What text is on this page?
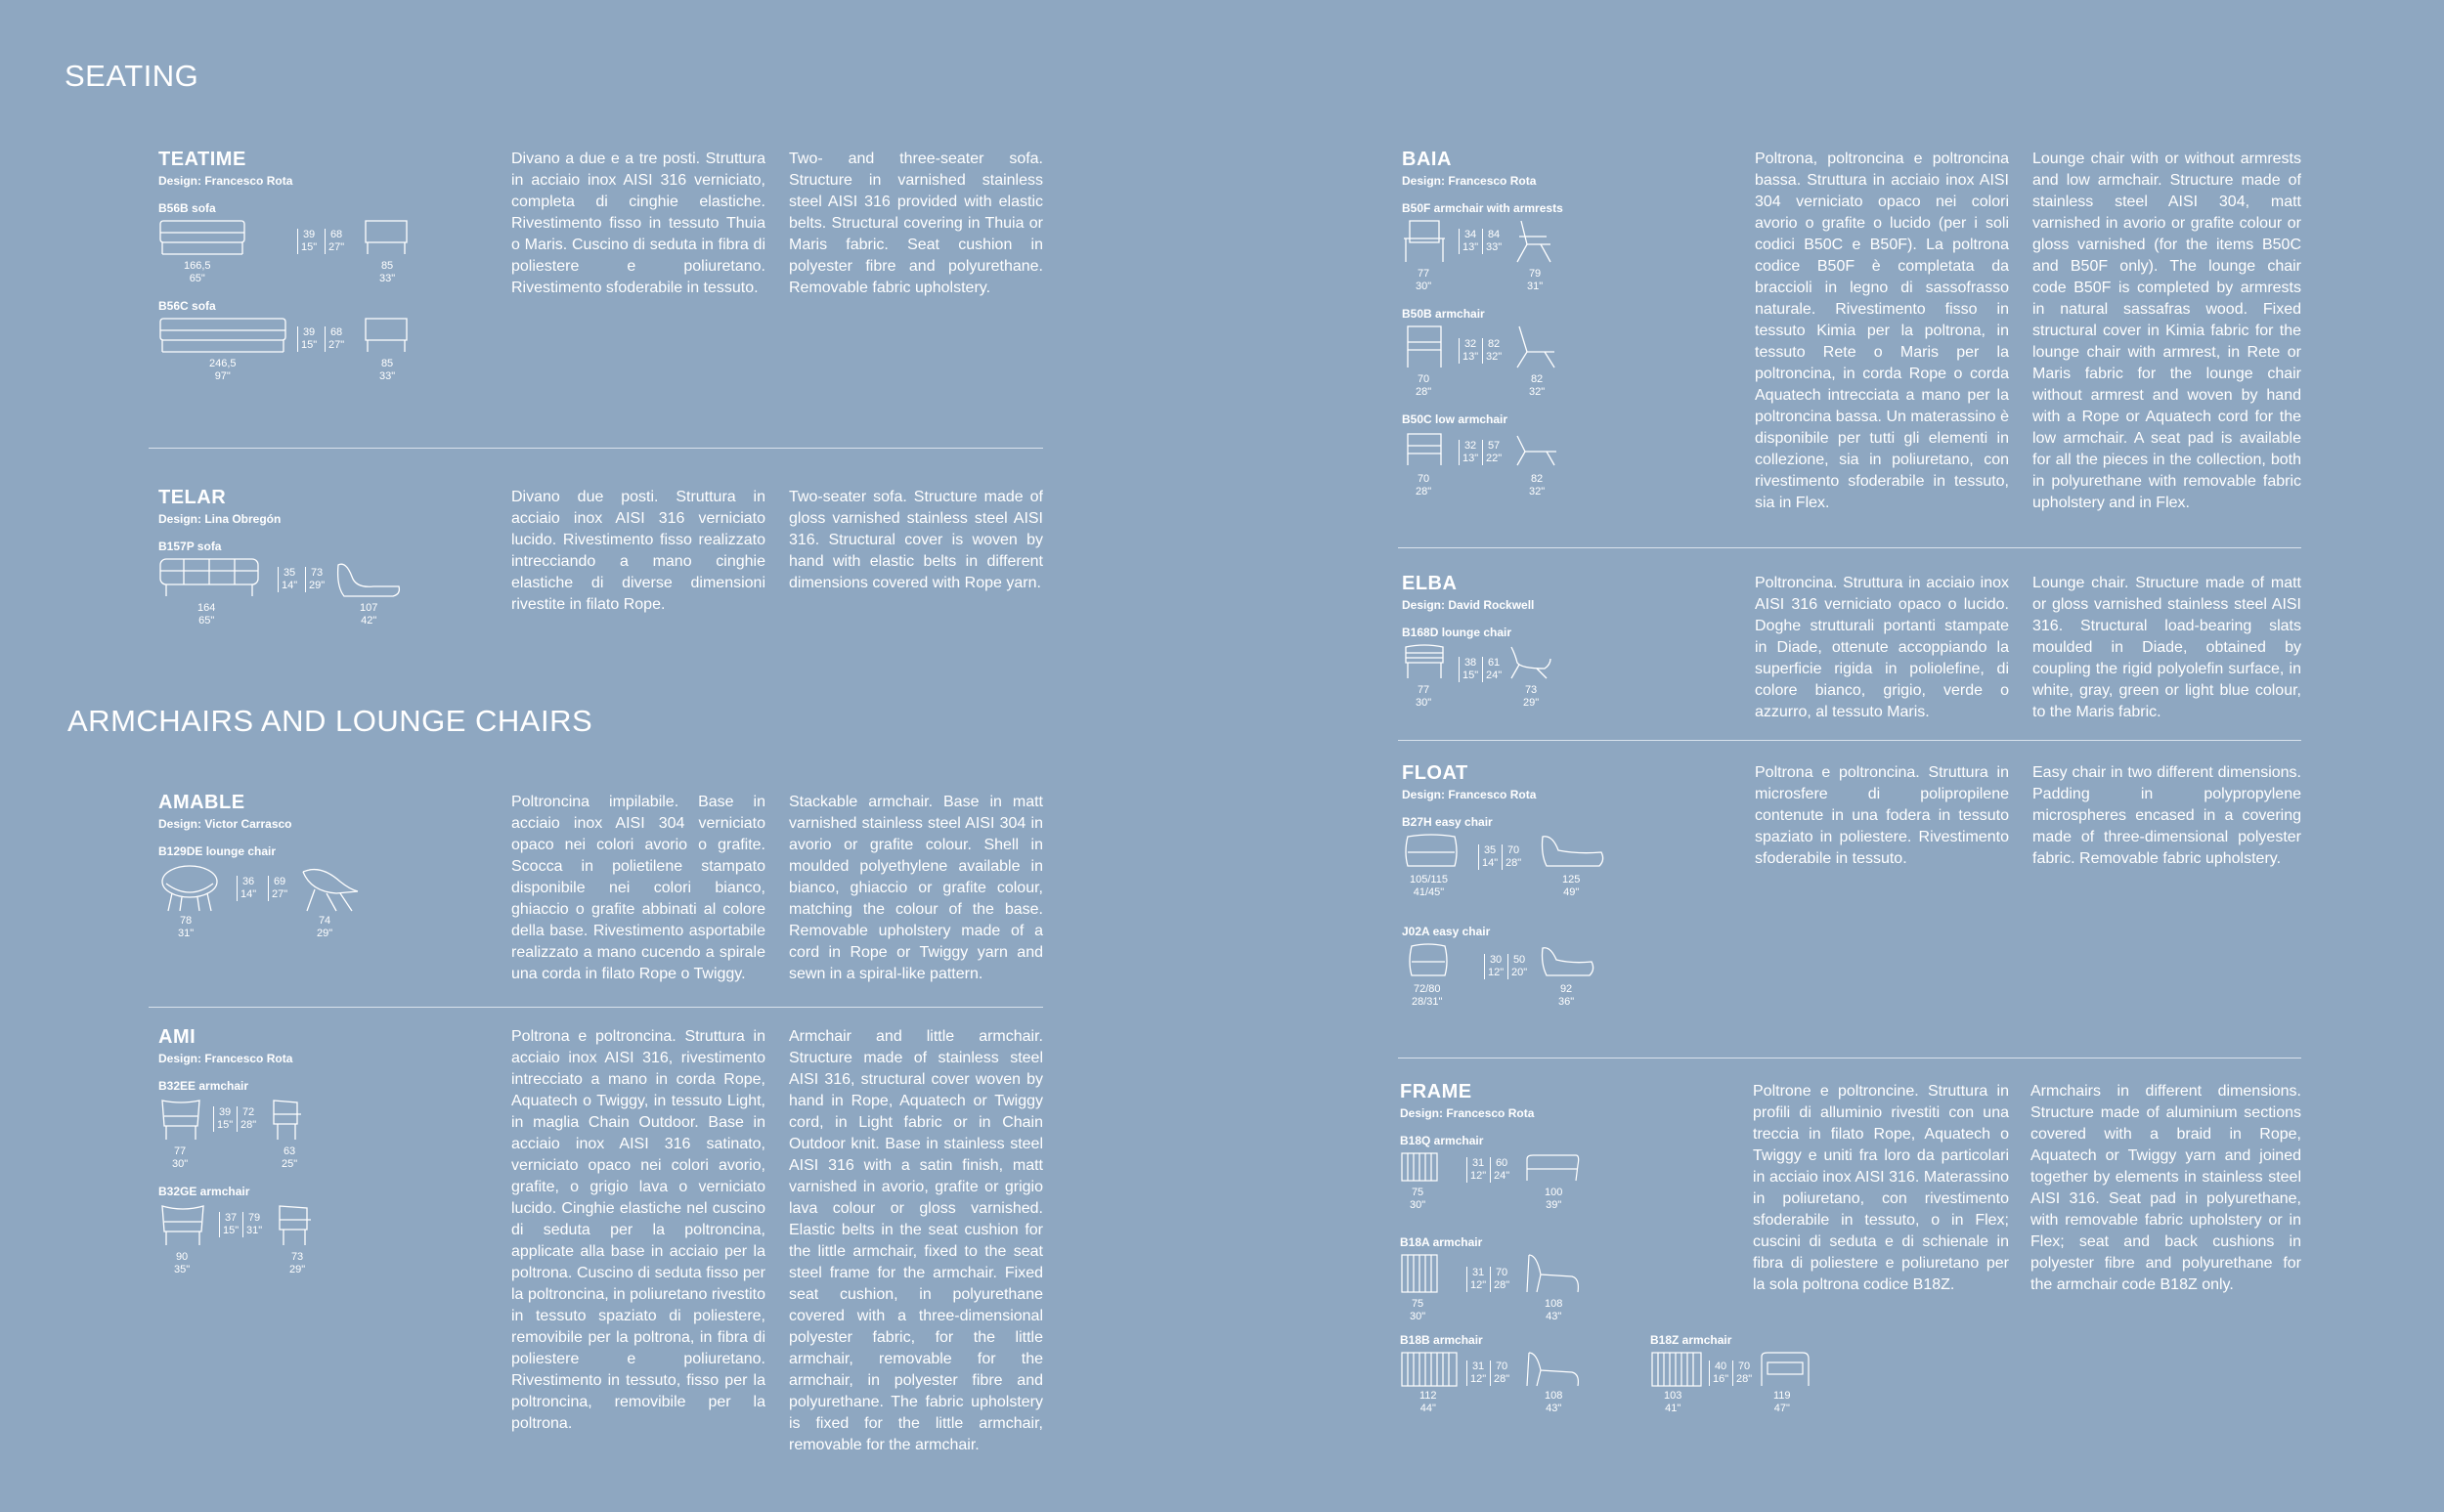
SEATING
ARMCHAIRS AND LOUNGE CHAIRS
TEATIME
Design: Francesco Rota
B56B sofa
166,5
65"
39
15"
68
27"
85
33"
B56C sofa
246,5
97"
39
15"
68
27"
85
33"
Divano a due e a tre posti. Struttura in acciaio inox AISI 316 verniciato, completa di cinghie elastiche. Rivestimento fisso in tessuto Thuia o Maris. Cuscino di seduta in fibra di poliestere e poliuretano. Rivestimento sfoderabile in tessuto.
Two- and three-seater sofa. Structure in varnished stainless steel AISI 316 provided with elastic belts. Structural covering in Thuia or Maris fabric. Seat cushion in polyester fibre and polyurethane. Removable fabric upholstery.
TELAR
Design: Lina Obregón
B157P sofa
164
65"
35
14"
73
29"
107
42"
Divano due posti. Struttura in acciaio inox AISI 316 verniciato lucido. Rivestimento fisso realizzato intrecciando a mano cinghie elastiche di diverse dimensioni rivestite in filato Rope.
Two-seater sofa. Structure made of gloss varnished stainless steel AISI 316. Structural cover is woven by hand with elastic belts in different dimensions covered with Rope yarn.
AMABLE
Design: Victor Carrasco
B129DE lounge chair
78
31"
36
14"
69
27"
74
29"
Poltroncina impilabile. Base in acciaio inox AISI 304 verniciato opaco nei colori avorio o grafite. Scocca in polietilene stampato disponibile nei colori bianco, ghiaccio o grafite abbinati al colore della base. Rivestimento asportabile realizzato a mano cucendo a spirale una corda in filato Rope o Twiggy.
Stackable armchair. Base in matt varnished stainless steel AISI 304 in avorio or grafite colour. Shell in moulded polyethylene available in bianco, ghiaccio or grafite colour, matching the colour of the base. Removable upholstery made of a cord in Rope or Twiggy yarn and sewn in a spiral-like pattern.
AMI
Design: Francesco Rota
B32EE armchair
77
30"
39
15"
72
28"
63
25"
B32GE armchair
90
35"
37
15"
79
31"
73
29"
Poltrona e poltroncina. Struttura in acciaio inox AISI 316, rivestimento intrecciato a mano in corda Rope, Aquatech o Twiggy, in tessuto Light, in maglia Chain Outdoor. Base in acciaio inox AISI 316 satinato, verniciato opaco nei colori avorio, grafite, o grigio lava o verniciato lucido. Cinghie elastiche nel cuscino di seduta per la poltroncina, applicate alla base in acciaio per la poltrona. Cuscino di seduta fisso per la poltroncina, in poliuretano rivestito in tessuto spaziato di poliestere, removibile per la poltrona, in fibra di poliestere e poliuretano. Rivestimento in tessuto, fisso per la poltroncina, removibile per la poltrona.
Armchair and little armchair. Structure made of stainless steel AISI 316, structural cover woven by hand in Rope, Aquatech or Twiggy cord, in Light fabric or in Chain Outdoor knit. Base in stainless steel AISI 316 with a satin finish, matt varnished in avorio, grafite or grigio lava colour or gloss varnished. Elastic belts in the seat cushion for the little armchair, fixed to the seat steel frame for the armchair. Fixed seat cushion, in polyurethane covered with a three-dimensional polyester fabric, for the little armchair, removable for the armchair, in polyester fibre and polyurethane. The fabric upholstery is fixed for the little armchair, removable for the armchair.
BAIA
Design: Francesco Rota
B50F armchair with armrests
77
30"
34
13"
84
33"
79
31"
B50B armchair
70
28"
32
13"
82
32"
82
32"
B50C low armchair
70
28"
32
13"
57
22"
82
32"
Poltrona, poltroncina e poltroncina bassa. Struttura in acciaio inox AISI 304 verniciato opaco nei colori avorio o grafite o lucido (per i soli codici B50C e B50F). La poltrona codice B50F è completata da braccioli in legno di sassofrasso naturale. Rivestimento fisso in tessuto Kimia per la poltrona, in tessuto Rete o Maris per la poltroncina, in corda Rope o corda Aquatech intrecciata a mano per la poltroncina bassa. Un materassino è disponibile per tutti gli elementi in collezione, sia in poliuretano, con rivestimento sfoderabile in tessuto, sia in Flex.
Lounge chair with or without armrests and low armchair. Structure made of stainless steel AISI 304, matt varnished in avorio or grafite colour or gloss varnished (for the items B50C and B50F only). The lounge chair code B50F is completed by armrests in natural sassafras wood. Fixed structural cover in Kimia fabric for the lounge chair with armrest, in Rete or Maris fabric for the lounge chair without armrest and woven by hand with a Rope or Aquatech cord for the low armchair. A seat pad is available for all the pieces in the collection, both in polyurethane with removable fabric upholstery and in Flex.
ELBA
Design: David Rockwell
B168D lounge chair
77
30"
38
15"
61
24"
73
29"
Poltroncina. Struttura in acciaio inox AISI 316 verniciato opaco o lucido. Doghe strutturali portanti stampate in Diade, ottenute accoppiando la superficie rigida in poliolefine, di colore bianco, grigio, verde o azzurro, al tessuto Maris.
Lounge chair. Structure made of matt or gloss varnished stainless steel AISI 316. Structural load-bearing slats moulded in Diade, obtained by coupling the rigid polyolefin surface, in white, gray, green or light blue colour, to the Maris fabric.
FLOAT
Design: Francesco Rota
B27H easy chair
105/115
41/45"
35
14"
70
28"
125
49"
J02A easy chair
72/80
28/31"
30
12"
50
20"
92
36"
Poltrona e poltroncina. Struttura in microsfere di polipropilene contenute in una fodera in tessuto spaziato in poliestere. Rivestimento sfoderabile in tessuto.
Easy chair in two different dimensions. Padding in polypropylene microspheres encased in a covering made of three-dimensional polyester fabric. Removable fabric upholstery.
FRAME
Design: Francesco Rota
B18Q armchair
75
30"
31
12"
60
24"
100
39"
B18A armchair
75
30"
31
12"
70
28"
108
43"
B18B armchair
112
44"
31
12"
70
28"
108
43"
B18Z armchair
103
41"
40
16"
70
28"
119
47"
Poltrone e poltroncine. Struttura in profili di alluminio rivestiti con una treccia in filato Rope, Aquatech o Twiggy e uniti fra loro da particolari in acciaio inox AISI 316. Materassino in poliuretano, con rivestimento sfoderabile in tessuto, o in Flex; cuscini di seduta e di schienale in fibra di poliestere e poliuretano per la sola poltrona codice B18Z.
Armchairs in different dimensions. Structure made of aluminium sections covered with a braid in Rope, Aquatech or Twiggy yarn and joined together by elements in stainless steel AISI 316. Seat pad in polyurethane, with removable fabric upholstery or in Flex; seat and back cushions in polyester fibre and polyurethane for the armchair code B18Z only.
